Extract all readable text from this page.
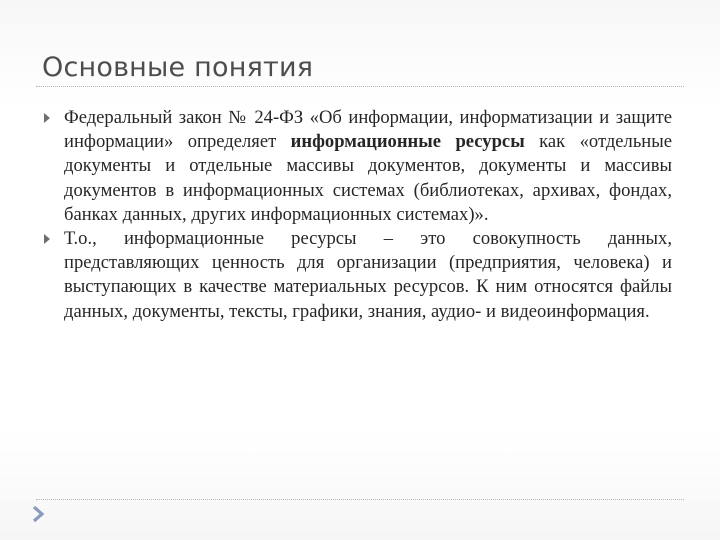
Основные понятия
Федеральный закон № 24-ФЗ «Об информации, информатизации и защите информации» определяет информационные ресурсы как «отдельные документы и отдельные массивы документов, документы и массивы документов в информационных системах (библиотеках, архивах, фондах, банках данных, других информационных системах)».
Т.о., информационные ресурсы – это совокупность данных, представляющих ценность для организации (предприятия, человека) и выступающих в качестве материальных ресурсов. К ним относятся файлы данных, документы, тексты, графики, знания, аудио- и видеоинформация.
